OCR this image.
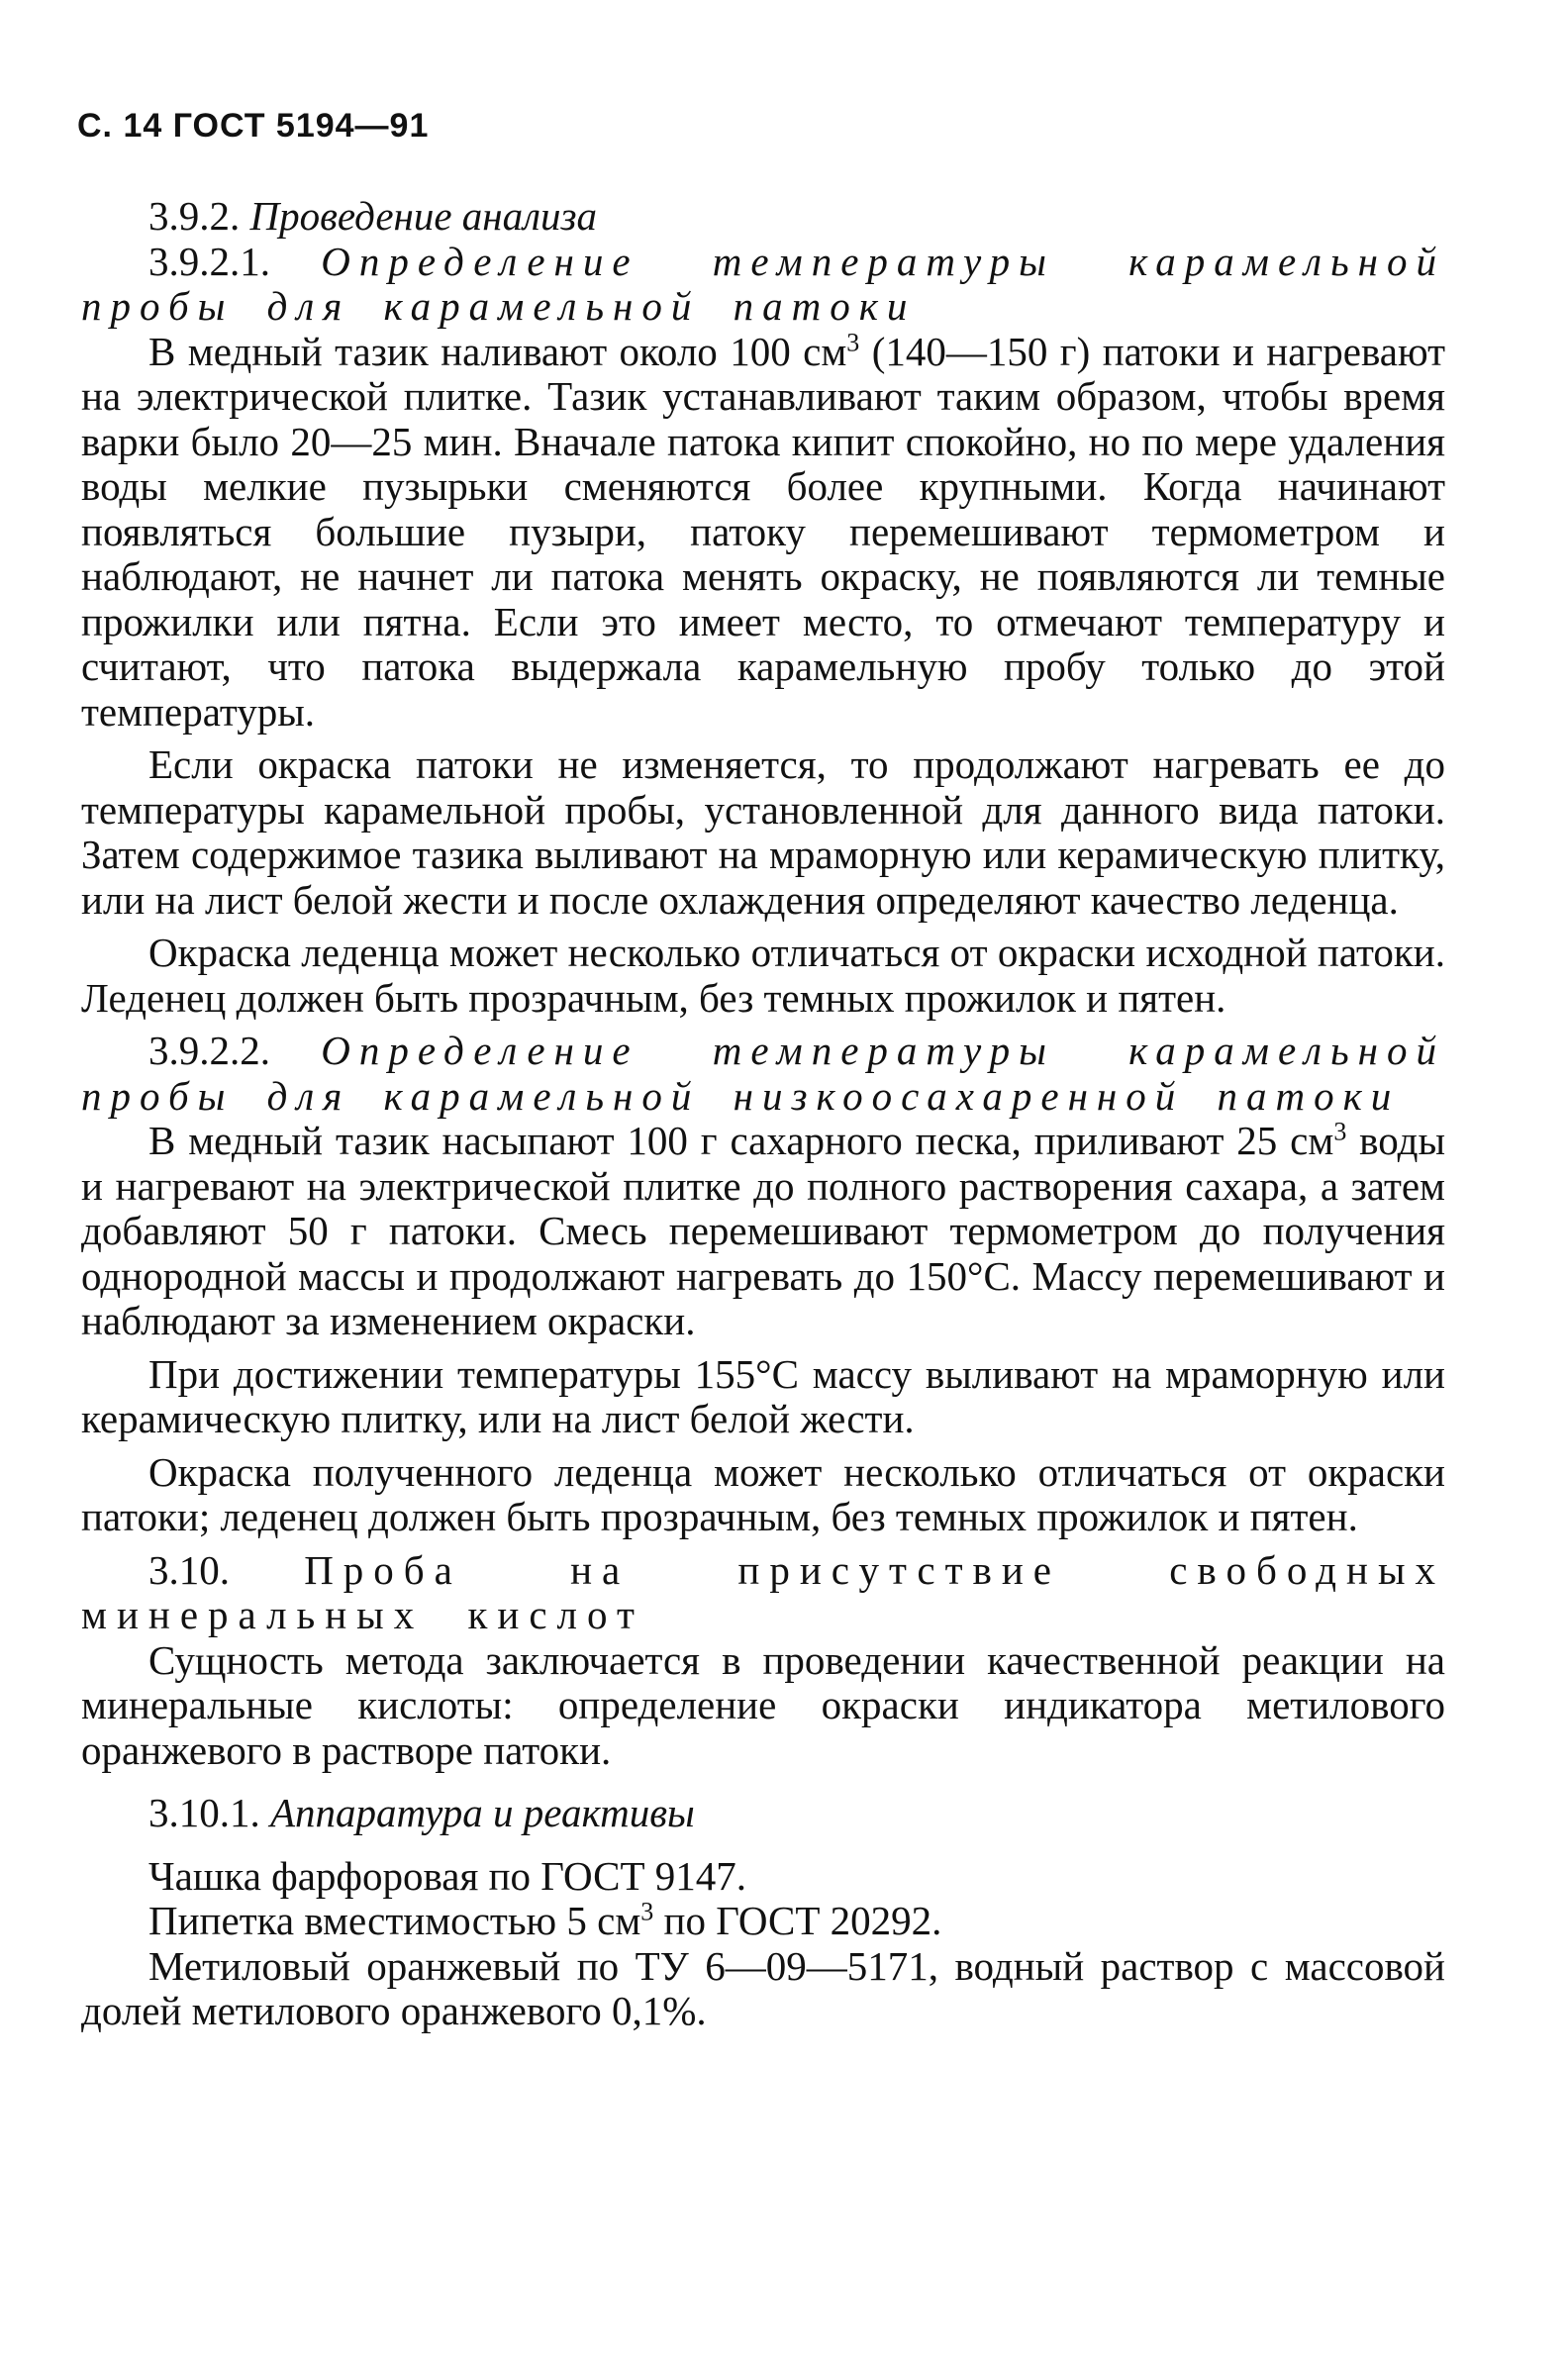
С. 14 ГОСТ 5194—91

3.9.2. Проведение анализа

3.9.2.1. Определение температуры карамельной пробы для карамельной патоки

В медный тазик наливают около 100 $см^3$ (140—150 г) патоки и нагревают на электрической плитке. Тазик устанавливают таким образом, чтобы время варки было 20—25 мин. Вначале патока кипит спокойно, но по мере удаления воды мелкие пузырьки сменяются более крупными. Когда начинают появляться большие пузыри, патоку перемешивают термометром и наблюдают, не начнет ли патока менять окраску, не появляются ли темные прожилки или пятна. Если это имеет место, то отмечают температуру и считают, что патока выдержала карамельную пробу только до этой температуры.

Если окраска патоки не изменяется, то продолжают нагревать ее до температуры карамельной пробы, установленной для данного вида патоки. Затем содержимое тазика выливают на мраморную или керамическую плитку, или на лист белой жести и после охлаждения определяют качество леденца.

Окраска леденца может несколько отличаться от окраски исходной патоки. Леденец должен быть прозрачным, без темных прожилок и пятен.

3.9.2.2. Определение температуры карамельной пробы для карамельной низкоосахаренной патоки

В медный тазик насыпают 100 г сахарного песка, приливают 25 $см^3$ воды и нагревают на электрической плитке до полного растворения сахара, а затем добавляют 50 г патоки. Смесь перемешивают термометром до получения однородной массы и продолжают нагревать до 150°С. Массу перемешивают и наблюдают за изменением окраски.

При достижении температуры 155°С массу выливают на мраморную или керамическую плитку, или на лист белой жести.

Окраска полученного леденца может несколько отличаться от окраски патоки; леденец должен быть прозрачным, без темных прожилок и пятен.

3.10. Проба на присутствие свободных минеральных кислот

Сущность метода заключается в проведении качественной реакции на минеральные кислоты: определение окраски индикатора метилового оранжевого в растворе патоки.

3.10.1. Аппаратура и реактивы

Чашка фарфоровая по ГОСТ 9147.

Пипетка вместимостью 5 $см^3$ по ГОСТ 20292.

Метиловый оранжевый по ТУ 6—09—5171, водный раствор с массовой долей метилового оранжевого 0,1%.
